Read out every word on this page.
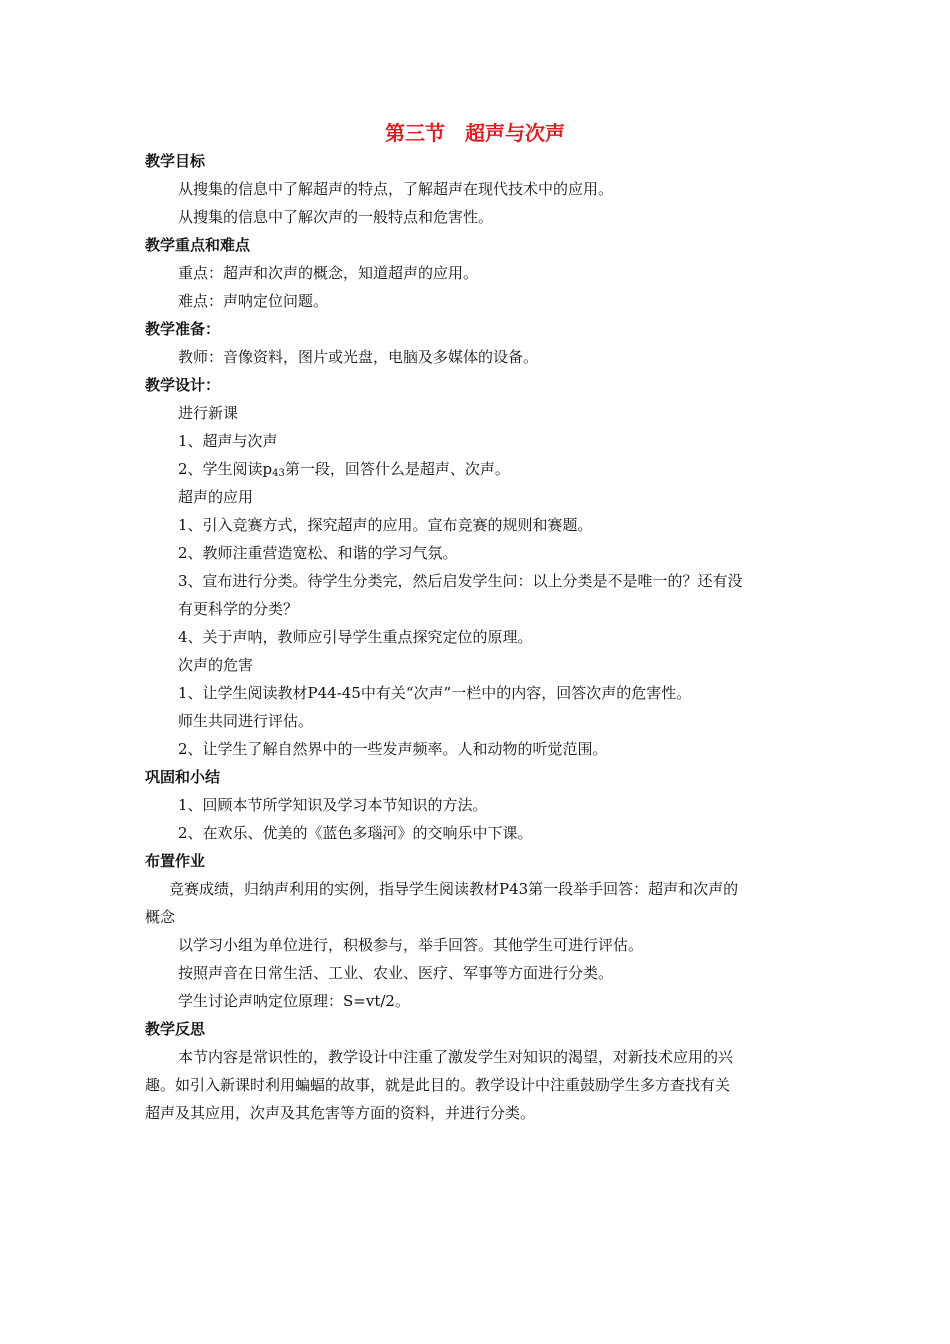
第三节　超声与次声
教学目标
从搜集的信息中了解超声的特点，了解超声在现代技术中的应用。
从搜集的信息中了解次声的一般特点和危害性。
教学重点和难点
重点：超声和次声的概念，知道超声的应用。
难点：声呐定位问题。
教学准备：
教师：音像资料，图片或光盘，电脑及多媒体的设备。
教学设计：
进行新课
1、超声与次声
2、学生阅读$p_{43}$第一段，回答什么是超声、次声。
超声的应用
1、引入竞赛方式，探究超声的应用。宣布竞赛的规则和赛题。
2、教师注重营造宽松、和谐的学习气氛。
3、宣布进行分类。待学生分类完，然后启发学生问：以上分类是不是唯一的？还有没
有更科学的分类？
4、关于声呐，教师应引导学生重点探究定位的原理。
次声的危害
1、让学生阅读教材P44-45中有关“次声”一栏中的内容，回答次声的危害性。
师生共同进行评估。
2、让学生了解自然界中的一些发声频率。人和动物的听觉范围。
巩固和小结
1、回顾本节所学知识及学习本节知识的方法。
2、在欢乐、优美的《蓝色多瑙河》的交响乐中下课。
布置作业
竞赛成绩，归纳声利用的实例，指导学生阅读教材P43第一段举手回答：超声和次声的
概念
以学习小组为单位进行，积极参与，举手回答。其他学生可进行评估。
按照声音在日常生活、工业、农业、医疗、军事等方面进行分类。
学生讨论声呐定位原理：S=vt/2。
教学反思
本节内容是常识性的，教学设计中注重了激发学生对知识的渴望，对新技术应用的兴
趣。如引入新课时利用蝙蝠的故事，就是此目的。教学设计中注重鼓励学生多方查找有关
超声及其应用，次声及其危害等方面的资料，并进行分类。
